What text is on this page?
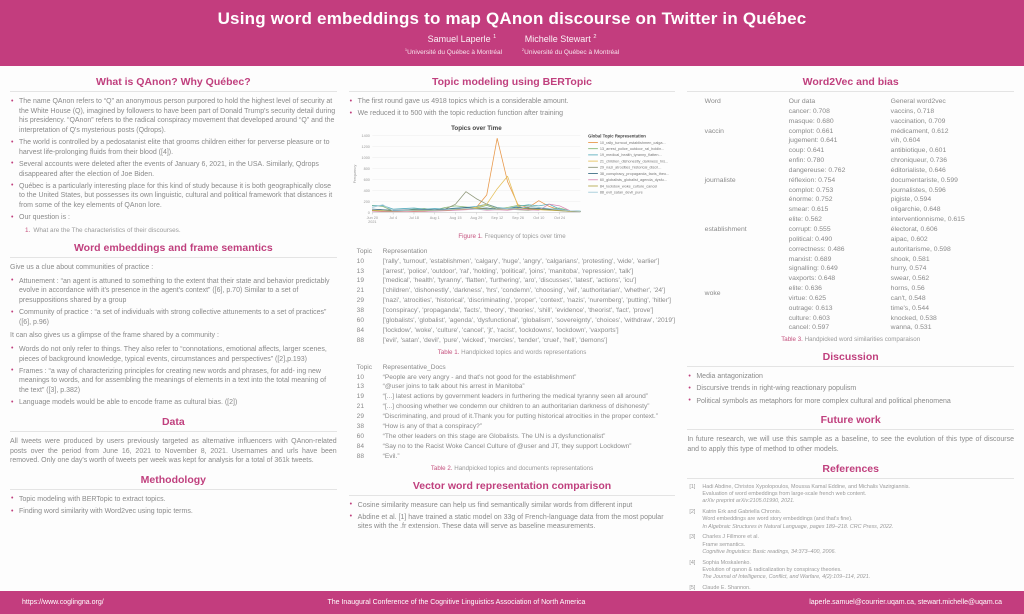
Using word embeddings to map QAnon discourse on Twitter in Québec
Samuel Laperle $^1$	Michelle Stewart $^2$
$^1$Université du Québec à Montréal	$^2$Université du Québec à Montréal
What is QAnon? Why Québec?
• The name QAnon refers to “Q” an anonymous person purpored to hold the highest level of security at the White House (Q), imagined by followers to have been part of Donald Trump's security detail during his presidency. “QAnon” refers to the radical conspiracy movement that developed around “Q” and the interpretation of Q's mysterious posts (Qdrops).
• The world is controlled by a pedosatanist elite that grooms children either for perverse pleasure or to harvest life-prolonging fluids from their blood ([4]).
• Several accounts were deleted after the events of January 6, 2021, in the USA. Similarly, Qdrops disappeared after the election of Joe Biden.
• Québec is a particularly interesting place for this kind of study because it is both geographically close to the United States, but possesses its own linguistic, cultural and political framework that distances it from some of the key elements of QAnon lore.
• Our question is :
1. What are the The characteristics of their discourses.
Word embeddings and frame semantics
Give us a clue about communities of practice :
• Attunement : “an agent is attuned to something to the extent that their state and behavior predictably evolve in accordance with it's presence in the agent's context” ([6], p.70) Similar to a set of presuppositions shared by a group
• Community of practice : “a set of individuals with strong collective attunements to a set of practices” ([6], p.96)
It can also gives us a glimpse of the frame shared by a community :
• Words do not only refer to things. They also refer to “connotations, emotional affects, larger scenes, pieces of background knowledge, typical events, circumstances and perspectives” ([2],p.193)
• Frames : “a way of characterizing principles for creating new words and phrases, for add- ing new meanings to words, and for assembling the meanings of elements in a text into the total meaning of the text” ([3], p.382)
• Language models would be able to encode frame as cultural bias. ([2])
Data
All tweets were produced by users previously targeted as alternative influencers with QAnon-related posts over the period from June 16, 2021 to November 8, 2021. Usernames and urls have been removed. Only one day's worth of tweets per week was kept for analysis for a total of 361k tweets.
Methodology
• Topic modeling with BERTopic to extract topics.
• Finding word similarity with Word2vec using topic terms.
Topic modeling using BERTopic
• The first round gave us 4918 topics which is a considerable amount.
• We reduced it to 500 with the topic reduction function after training
Topics over Time
0
200
400
600
800
1000
1200
1400
Frequency
Jun 20
2021
Jul 4	Jul 18	Aug 1	Aug 15 Aug 29 Sep 12 Sep 26 Oct 10 Oct 24
Global Topic Representation
10_rally_turnout_establishmen_calga...
13_arrest_police_outdoor_ral_holdin...
19_medical_health_tyranny_flatten...
21_children_dishonestly_darkness_hrs...
29_nazi_atrocities_historical_discri...
38_conspiracy_propaganda_facts_theo...
60_globalists_globalist_agenda_dysfu...
84_lockdow_woke_culture_cancel
88_evil_satan_devil_pure
Figure 1. Frequency of topics over time
Topic	Representation
10	['rally', 'turnout', 'establishmen', 'calgary', 'huge', 'angry', 'calgarians', 'protesting', 'wide', 'earlier']
13	['arrest', 'police', 'outdoor', 'ral', 'holding', 'political', 'joins', 'manitoba', 'repression', 'talk']
19	['medical', 'health', 'tyranny', 'flatten', 'furthering', 'aro', 'discusses', 'latest', 'actions', 'icu']
21	['children', 'dishonestly', 'darkness', 'hrs', 'condemn', 'choosing', 'wil', 'authoritarian', 'whether', '24']
29	['nazi', 'atrocities', 'historical', 'discriminating', 'proper', 'context', 'nazis', 'nuremberg', 'putting', 'hitler']
38	['conspiracy', 'propaganda', 'facts', 'theory', 'theories', 'shill', 'evidence', 'theorist', 'fact', 'prove']
60	['globalists', 'globalist', 'agenda', 'dysfunctional', 'globalism', 'sovereignty', 'choices', 'withdraw', '2019']
84	['lockdow', 'woke', 'culture', 'cancel', 'jt', 'racist', 'lockdowns', 'lockdown', 'vaxports']
88	['evil', 'satan', 'devil', 'pure', 'wicked', 'mercies', 'tender', 'cruel', 'hell', 'demons']
Table 1. Handpicked topics and words representations
Topic	Representative_Docs
10	“People are very angry - and that's not good for the establishment”
13	“@user joins to talk about his arrest in Manitoba”
19	“[...] latest actions by government leaders in furthering the medical tyranny seen all around”
21	“[...] choosing whether we condemn our children to an authoritarian darkness of dishonesty”
29	“Discriminating, and proud of it.Thank you for putting historical atrocities in the proper context.”
38	“How is any of that a conspiracy?”
60	“The other leaders on this stage are Globalists. The UN is a dysfunctionalist”
84	“Say no to the Racist Woke Cancel Culture of @user and JT, they support Lockdown”
88	“Evil.”
Table 2. Handpicked topics and documents representations
Vector word representation comparison
• Cosine similarity measure can help us find semantically similar words from different input
• Abdine et al. [1] have trained a static model on 33g of French-language data from the most popular sites with the .fr extension. These data will serve as baseline measurements.
Word2Vec and bias
Word	Our data	General word2vec
vaccin
cancer: 0.708	vaccins, 0.718
masque: 0.680	vaccination, 0.709
complot: 0.661	médicament, 0.612
jugement: 0.641	vih, 0.604
coup: 0.641	antibiotique, 0.601
journaliste
enfin: 0.780	chroniqueur, 0.736
dangereuse: 0.762	éditorialiste, 0.646
réflexion: 0.754	documentariste, 0.599
complot: 0.753	journalistes, 0.596
énorme: 0.752	pigiste, 0.594
establishment
smear: 0.615	oligarchie, 0.648
elite: 0.562	interventionnisme, 0.615
corrupt: 0.555	électorat, 0.606
political: 0.490	aipac, 0.602
correctness: 0.486	autoritarisme, 0.598
woke
marxist: 0.689	shook, 0.581
signalling: 0.649	hurry, 0.574
vaxports: 0.648	swear, 0.562
elite: 0.636	horns, 0.56
virtue: 0.625	can't, 0.548
outrage: 0.613	time's, 0.544
culture: 0.603	knocked, 0.538
cancel: 0.597	wanna, 0.531
Table 3. Handpicked word similarities comparaison
Discussion
• Media antagonization
• Discursive trends in right-wing reactionary populism
• Political symbols as metaphors for more complex cultural and political phenomena
Future work
In future research, we will use this sample as a baseline, to see the evolution of this type of discourse and to apply this type of method to other models.
References
[1]	Hadi Abdine, Christos Xypolopoulos, Moussa Kamal Eddine, and Michalis Vazirgiannis.
Evaluation of word embeddings from large-scale french web content.
arXiv preprint arXiv:2105.01990, 2021.
[2]	Katrin Erk and Gabriella Chronis.
Word embeddings are word story embeddings (and that's fine).
In Algebraic Structures in Natural Language, pages 189–218. CRC Press, 2022.
[3]	Charles J Fillmore et al.
Frame semantics.
Cognitive linguistics: Basic readings, 34:373–400, 2006.
[4]	Sophia Moskalenko.
Evolution of qanon & radicalization by conspiracy theories.
The Journal of Intelligence, Conflict, and Warfare, 4(2):109–114, 2021.
[5]	Claude E. Shannon.
https://www.coglingna.org/	The Inaugural Conference of the Cognitive Linguistics Association of North America	laperle.samuel@courrier.uqam.ca, stewart.michelle@uqam.ca
